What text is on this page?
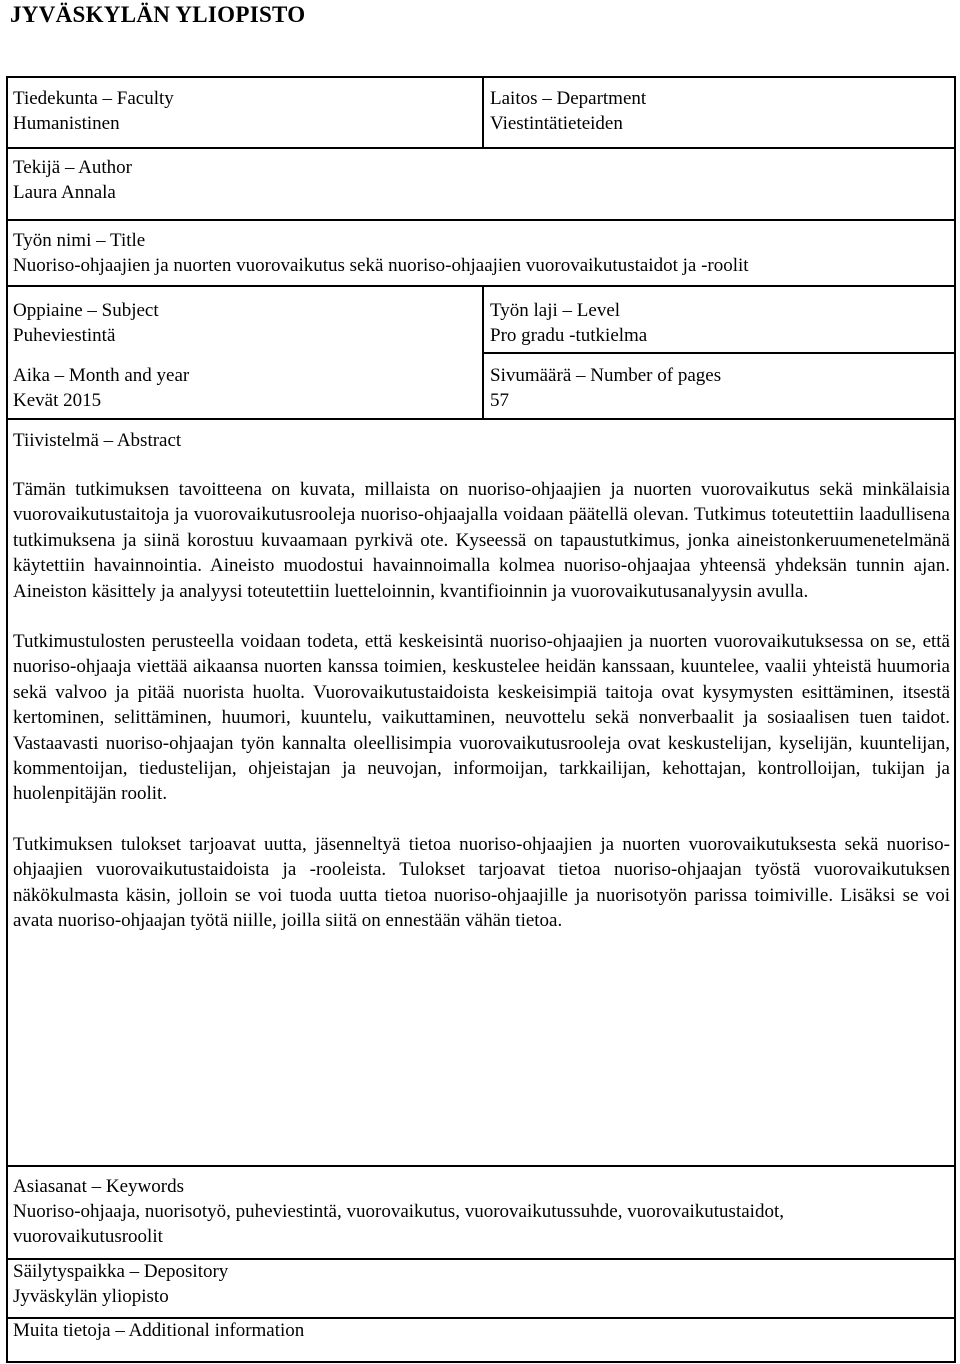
JYVÄSKYLÄN YLIOPISTO
Tiedekunta – Faculty
Humanistinen
Laitos – Department
Viestintätieteiden
Tekijä – Author
Laura Annala
Työn nimi – Title
Nuoriso-ohjaajien ja nuorten vuorovaikutus sekä nuoriso-ohjaajien vuorovaikutustaidot ja -roolit
Oppiaine – Subject
Puheviestintä
Työn laji – Level
Pro gradu -tutkielma
Aika – Month and year
Kevät 2015
Sivumäärä – Number of pages
57
Tiivistelmä – Abstract

Tämän tutkimuksen tavoitteena on kuvata, millaista on nuoriso-ohjaajien ja nuorten vuorovaikutus sekä minkälaisia vuorovaikutustaitoja ja vuorovaikutusrooleja nuoriso-ohjaajalla voidaan päätellä olevan. Tutkimus toteutettiin laadullisena tutkimuksena ja siinä korostuu kuvaamaan pyrkivä ote. Kyseessä on tapaustutkimus, jonka aineistonkeruumenetelmänä käytettiin havainnointia. Aineisto muodostui havainnoimalla kolmea nuoriso-ohjaajaa yhteensä yhdeksän tunnin ajan. Aineiston käsittely ja analyysi toteutettiin luetteloinnin, kvantifioinnin ja vuorovaikutusanalyysin avulla.

Tutkimustulosten perusteella voidaan todeta, että keskeisintä nuoriso-ohjaajien ja nuorten vuorovaikutuksessa on se, että nuoriso-ohjaaja viettää aikaansa nuorten kanssa toimien, keskustelee heidän kanssaan, kuuntelee, vaalii yhteistä huumoria sekä valvoo ja pitää nuorista huolta. Vuorovaikutustaidoista keskeisimpiä taitoja ovat kysymysten esittäminen, itsestä kertominen, selittäminen, huumori, kuuntelu, vaikuttaminen, neuvottelu sekä nonverbaalit ja sosiaalisen tuen taidot. Vastaavasti nuoriso-ohjaajan työn kannalta oleellisimpia vuorovaikutusrooleja ovat keskustelijan, kyselijän, kuuntelijan, kommentoijan, tiedustelijan, ohjeistajan ja neuvojan, informoijan, tarkkailijan, kehottajan, kontrolloijan, tukijan ja huolenpitäjän roolit.

Tutkimuksen tulokset tarjoavat uutta, jäsenneltyä tietoa nuoriso-ohjaajien ja nuorten vuorovaikutuksesta sekä nuoriso-ohjaajien vuorovaikutustaidoista ja -rooleista. Tulokset tarjoavat tietoa nuoriso-ohjaajan työstä vuorovaikutuksen näkökulmasta käsin, jolloin se voi tuoda uutta tietoa nuoriso-ohjaajille ja nuorisotyön parissa toimiville. Lisäksi se voi avata nuoriso-ohjaajan työtä niille, joilla siitä on ennestään vähän tietoa.

Asiasanat – Keywords
Nuoriso-ohjaaja, nuorisotyö, puheviestintä, vuorovaikutus, vuorovaikutussuhde, vuorovaikutustaidot,
vuorovaikutusroolit
Säilytyspaikka – Depository
Jyväskylän yliopisto
Muita tietoja – Additional information
